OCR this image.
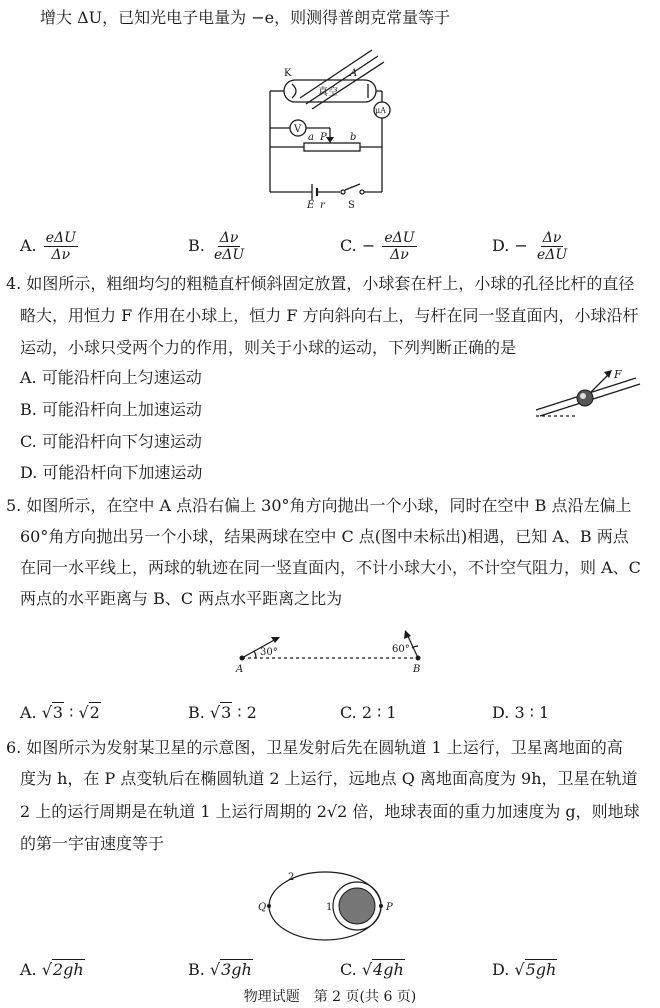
增大 ΔU，已知光电子电量为 −e，则测得普朗克常量等于
K	A
真空
μA
V
P
a	b
E r S
A. $\frac{\text{eΔU}}{\Delta\nu}$	B. $\frac{\Delta\nu}{\text{eΔU}}$	C. − $\frac{\text{eΔU}}{\Delta\nu}$	D. − $\frac{\Delta\nu}{\text{eΔU}}$
4. 如图所示，粗细均匀的粗糙直杆倾斜固定放置，小球套在杆上，小球的孔径比杆的直径
略大，用恒力 F 作用在小球上，恒力 F 方向斜向右上，与杆在同一竖直面内，小球沿杆
运动，小球只受两个力的作用，则关于小球的运动，下列判断正确的是
A. 可能沿杆向上匀速运动
B. 可能沿杆向上加速运动
C. 可能沿杆向下匀速运动
D. 可能沿杆向下加速运动
F
5. 如图所示，在空中 A 点沿右偏上 30°角方向抛出一个小球，同时在空中 B 点沿左偏上
60°角方向抛出另一个小球，结果两球在空中 C 点(图中未标出)相遇，已知 A、B 两点
在同一水平线上，两球的轨迹在同一竖直面内，不计小球大小，不计空气阻力，则 A、C
两点的水平距离与 B、C 两点水平距离之比为
A	B
30°	60°
A. √3 ∶ √2	B. √3 ∶ 2	C. 2 ∶ 1	D. 3 ∶ 1
6. 如图所示为发射某卫星的示意图，卫星发射后先在圆轨道 1 上运行，卫星离地面的高
度为 h，在 P 点变轨后在椭圆轨道 2 上运行，远地点 Q 离地面高度为 9h，卫星在轨道
2 上的运行周期是在轨道 1 上运行周期的 2√2 倍，地球表面的重力加速度为 g，则地球
的第一宇宙速度等于
2
1
Q	P
A. √2gh	B. √3gh	C. √4gh	D. √5gh
物理试题　第 2 页(共 6 页)
